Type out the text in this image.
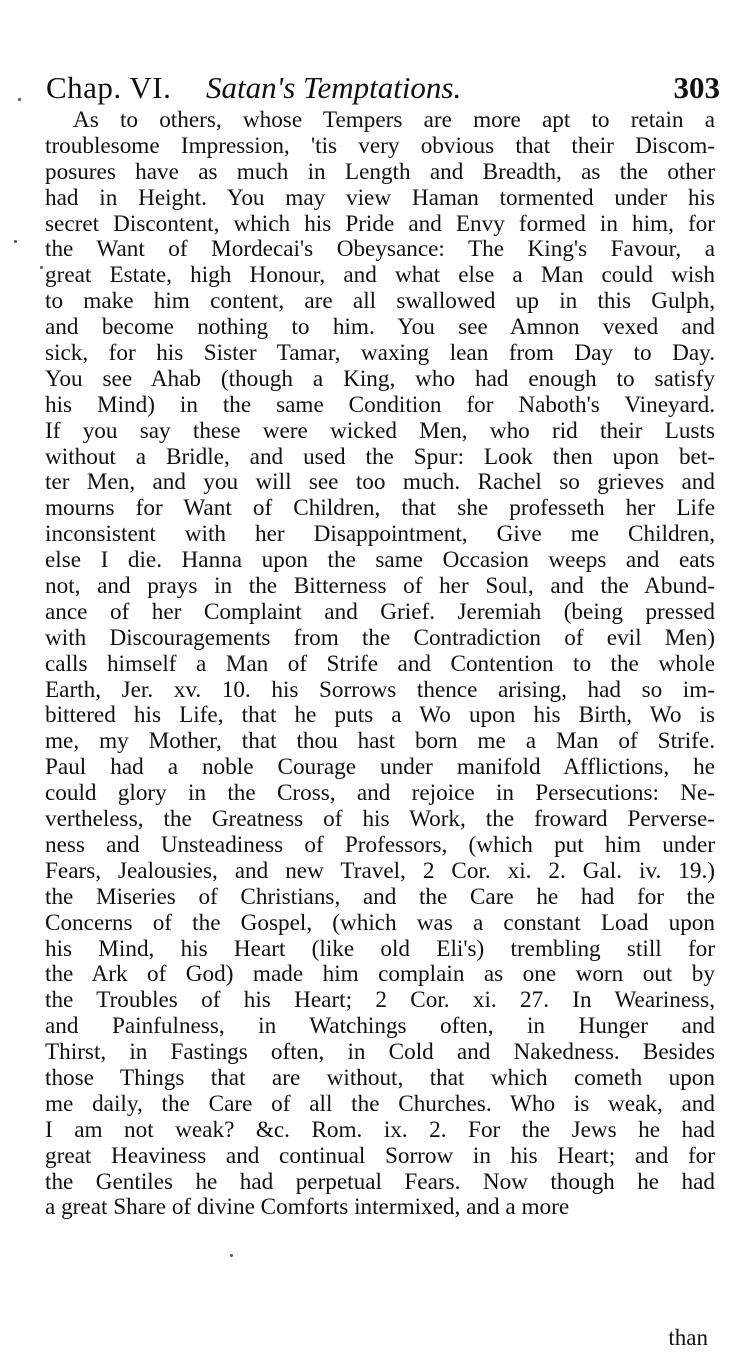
Chap. VI. Satan's Temptations.	303
As to others, whose Tempers are more apt to retain a
troublesome Impression, 'tis very obvious that their Discom-
posures have as much in Length and Breadth, as the other
had in Height. You may view Haman tormented under his
secret Discontent, which his Pride and Envy formed in him, for
the Want of Mordecai's Obeysance: The King's Favour, a
great Estate, high Honour, and what else a Man could wish
to make him content, are all swallowed up in this Gulph,
and become nothing to him. You see Amnon vexed and
sick, for his Sister Tamar, waxing lean from Day to Day.
You see Ahab (though a King, who had enough to satisfy
his Mind) in the same Condition for Naboth's Vineyard.
If you say these were wicked Men, who rid their Lusts
without a Bridle, and used the Spur: Look then upon bet-
ter Men, and you will see too much. Rachel so grieves and
mourns for Want of Children, that she professeth her Life
inconsistent with her Disappointment, Give me Children,
else I die. Hanna upon the same Occasion weeps and eats
not, and prays in the Bitterness of her Soul, and the Abund-
ance of her Complaint and Grief. Jeremiah (being pressed
with Discouragements from the Contradiction of evil Men)
calls himself a Man of Strife and Contention to the whole
Earth, Jer. xv. 10. his Sorrows thence arising, had so im-
bittered his Life, that he puts a Wo upon his Birth, Wo is
me, my Mother, that thou hast born me a Man of Strife.
Paul had a noble Courage under manifold Afflictions, he
could glory in the Cross, and rejoice in Persecutions: Ne-
vertheless, the Greatness of his Work, the froward Perverse-
ness and Unsteadiness of Professors, (which put him under
Fears, Jealousies, and new Travel, 2 Cor. xi. 2. Gal. iv. 19.)
the Miseries of Christians, and the Care he had for the
Concerns of the Gospel, (which was a constant Load upon
his Mind, his Heart (like old Eli's) trembling still for
the Ark of God) made him complain as one worn out by
the Troubles of his Heart; 2 Cor. xi. 27. In Weariness,
and Painfulness, in Watchings often, in Hunger and
Thirst, in Fastings often, in Cold and Nakedness. Besides
those Things that are without, that which cometh upon
me daily, the Care of all the Churches. Who is weak, and
I am not weak? &c. Rom. ix. 2. For the Jews he had
great Heaviness and continual Sorrow in his Heart; and for
the Gentiles he had perpetual Fears. Now though he had
a great Share of divine Comforts intermixed, and a more
than
